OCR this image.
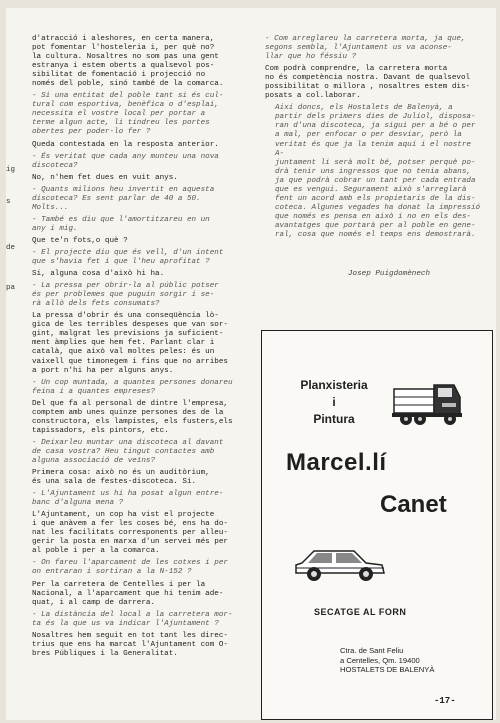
ig
s
de
pa
d'atracció i aleshores, en certa manera,
pot fomentar l'hosteleria i, per què no?
la cultura. Nosaltres no som pas una gent
estranya i estem oberts a qualsevol pos-
sibilitat de fomentació i projecció no
només del poble, sinó també de la comarca.
- Si una entitat del poble tant si és cul-
tural com esportiva, benèfica o d'esplai,
necessita el vostre local per portar a
terme algun acte, li tindreu les portes
obertes per poder-lo fer ?
Queda contestada en la resposta anterior.
- És veritat que cada any munteu una nova
discoteca?
No, n'hem fet dues en vuit anys.
- Quants milions heu invertit en aquesta
discoteca? Es sent parlar de 40 a 50.
Molts...
- També es diu que l'amortitzareu en un
any i mig.
Que te'n fots,o què ?
- El projecte diu que és vell, d'un intent
que s'havia fet i que l'heu aprofitat ?
Sí, alguna cosa d'això hi ha.
- La pressa per obrir-la al públic potser
és per problemes que puguin sorgir i se-
rà allò dels fets consumats?
La pressa d'obrir és una conseqüència lò-
gica de les terribles despeses que van sor-
gint, malgrat les previsions ja suficient-
ment àmplies que hem fet. Parlant clar i
català, que això val moltes peles: és un
vaixell que timonegem i fins que no arribes
a port n'hi ha per alguns anys.
- Un cop muntada, a quantes persones donareu
feina i a quantes empreses?
Del que fa al personal de dintre l'empresa,
comptem amb unes quinze persones des de la
constructora, els lampistes, els fusters,els
tapissadors, els pintors, etc.
- Deixarleu muntar una discoteca al davant
de casa vostra? Heu tingut contactes amb
alguna associació de veïns?
Primera cosa: això no és un auditòrium,
és una sala de festes-discoteca. Sí.
- L'Ajuntament us hi ha posat algun entre-
banc d'alguna mena ?
L'Ajuntament, un cop ha vist el projecte
i que anàvem a fer les coses bé, ens ha do-
nat les facilitats corresponents per alleu-
gerir la posta en marxa d'un servei més per
al poble i per a la comarca.
- On fareu l'aparcament de les cotxes i per
on entraran i sortiran a la N-152 ?
Per la carretera de Centelles i per la
Nacional, a l'aparcament que hi tenim ade-
quat, i al camp de darrera.
- La distància del local a la carretera mor-
ta és la que us va indicar l'Ajuntament ?
Nosaltres hem seguit en tot tant les direc-
trius que ens ha marcat l'Ajuntament com O-
bres Públiques i la Generalitat.
- Com arreglareu la carretera morta, ja que,
segons sembla, l'Ajuntament us va aconse-
llar que ho féssiu ?
Com podrà comprendre, la carretera morta
no és competència nostra. Davant de qualsevol
possibilitat o millora , nosaltres estem dis-
posats a col.laborar.
Així doncs, els Hostalets de Balenyà, a
partir dels primers dies de Juliol, disposa-
ran d'una discoteca, ja sigui per a bé o per
a mal, per enfocar o per desviar, però la
veritat és que ja la tenim aquí i el nostre A-
juntament li serà molt bé, potser perquè po-
drà tenir uns ingressos que no tenia abans,
ja que podrà cobrar un tant per cada entrada
que es vengui. Segurament això s'arreglarà
fent un acord amb els propietaris de la dis-
coteca. Algunes vegades ha donat la impressió
que només es pensa en això i no en els des-
avantatges que portarà per al poble en gene-
ral, cosa que només el temps ens demostrarà.
Josep Puigdomènech
Planxisteria
i
Pintura
Marcel.lí
Canet
SECATGE AL FORN
Ctra. de Sant Feliu
a Centelles, Qm. 19400
HOSTALETS DE BALENYÀ
-17-
